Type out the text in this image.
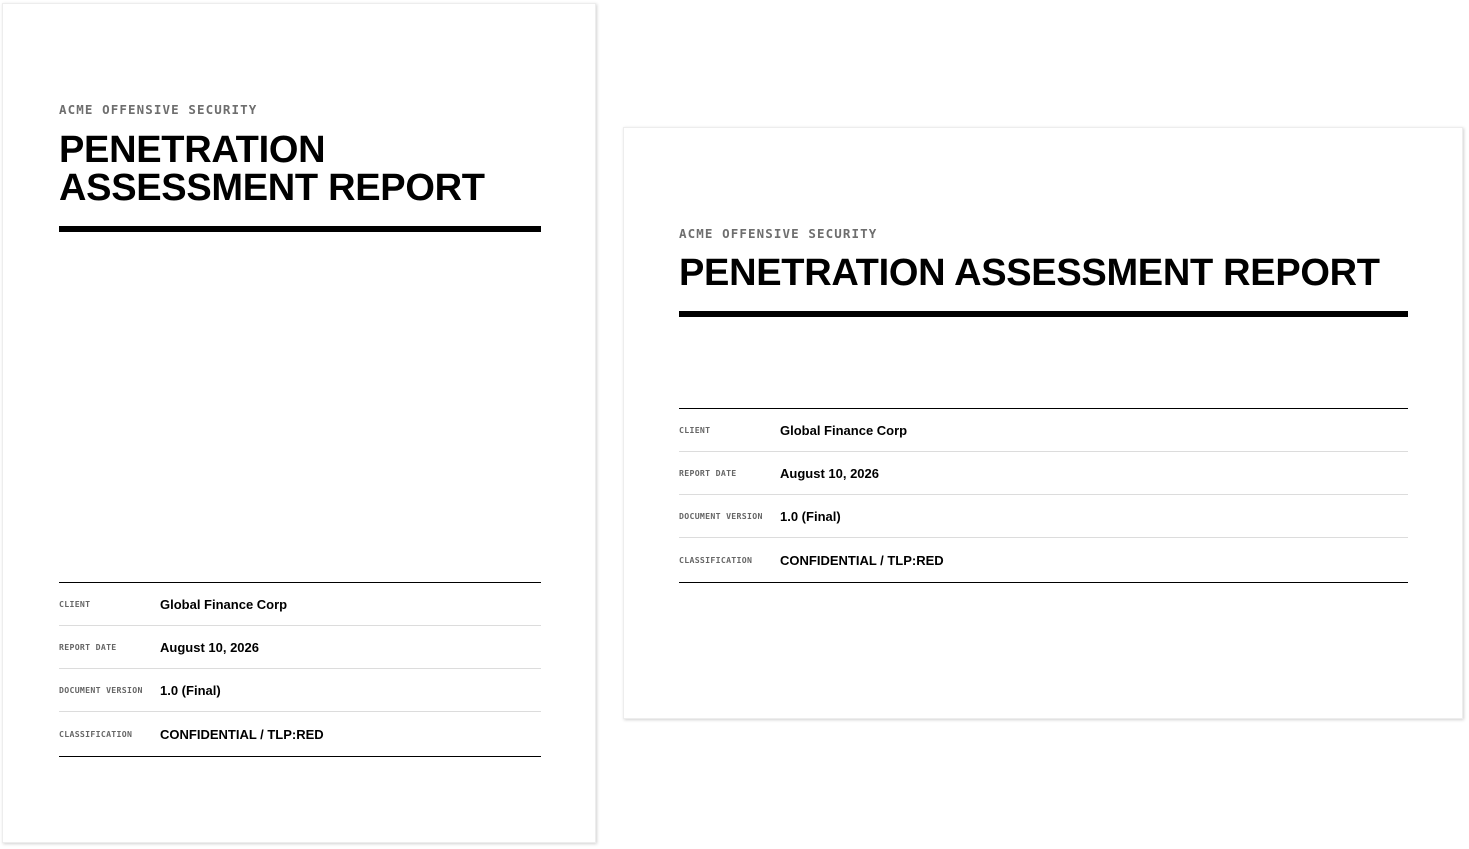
ACME OFFENSIVE SECURITY
PENETRATION
ASSESSMENT REPORT
CLIENT	Global Finance Corp
REPORT DATE	August 10, 2026
DOCUMENT VERSION	1.0 (Final)
CLASSIFICATION	CONFIDENTIAL / TLP:RED
ACME OFFENSIVE SECURITY
PENETRATION ASSESSMENT REPORT
CLIENT	Global Finance Corp
REPORT DATE	August 10, 2026
DOCUMENT VERSION	1.0 (Final)
CLASSIFICATION	CONFIDENTIAL / TLP:RED
